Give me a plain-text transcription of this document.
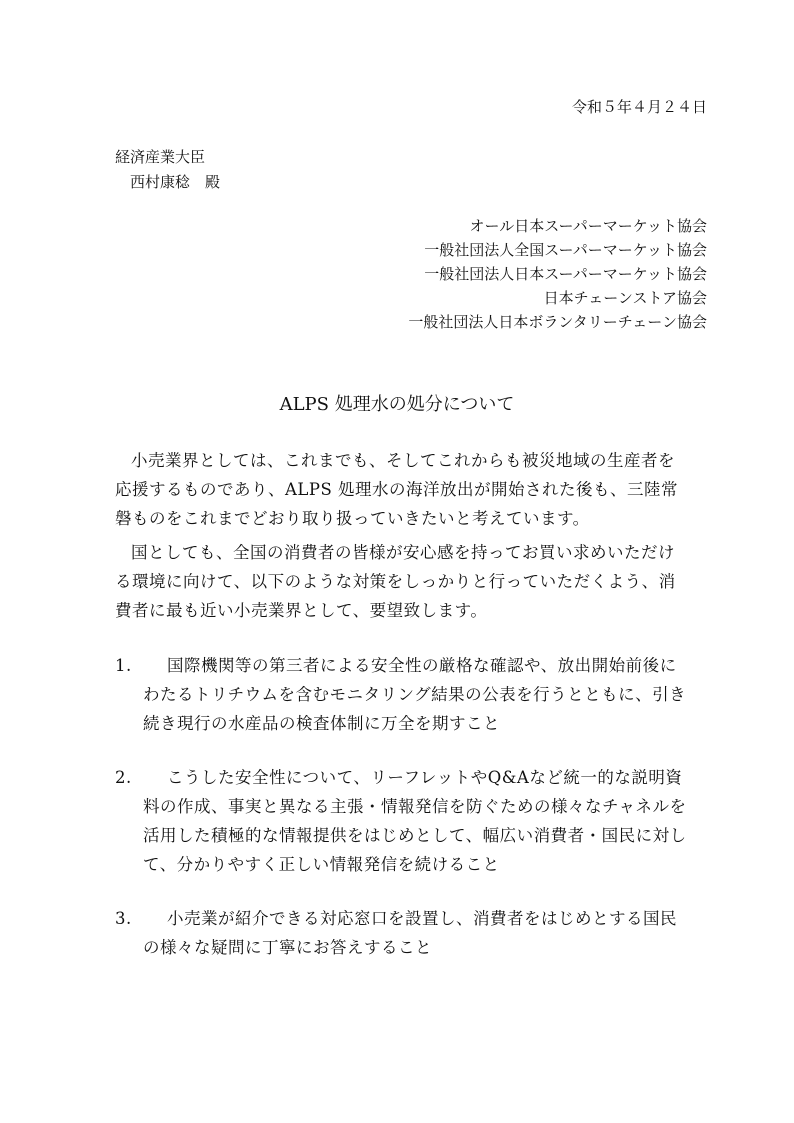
令和５年４月２４日
経済産業大臣
西村康稔　殿
オール日本スーパーマーケット協会
一般社団法人全国スーパーマーケット協会
一般社団法人日本スーパーマーケット協会
日本チェーンストア協会
一般社団法人日本ボランタリーチェーン協会
ALPS 処理水の処分について

小売業界としては、これまでも、そしてこれからも被災地域の生産者を応援するものであり、ALPS 処理水の海洋放出が開始された後も、三陸常磐ものをこれまでどおり取り扱っていきたいと考えています。

国としても、全国の消費者の皆様が安心感を持ってお買い求めいただける環境に向けて、以下のような対策をしっかりと行っていただくよう、消費者に最も近い小売業界として、要望致します。

1.	国際機関等の第三者による安全性の厳格な確認や、放出開始前後にわたるトリチウムを含むモニタリング結果の公表を行うとともに、引き続き現行の水産品の検査体制に万全を期すこと
2.	こうした安全性について、リーフレットやQ&Aなど統一的な説明資料の作成、事実と異なる主張・情報発信を防ぐための様々なチャネルを活用した積極的な情報提供をはじめとして、幅広い消費者・国民に対して、分かりやすく正しい情報発信を続けること
3.	小売業が紹介できる対応窓口を設置し、消費者をはじめとする国民の様々な疑問に丁寧にお答えすること
